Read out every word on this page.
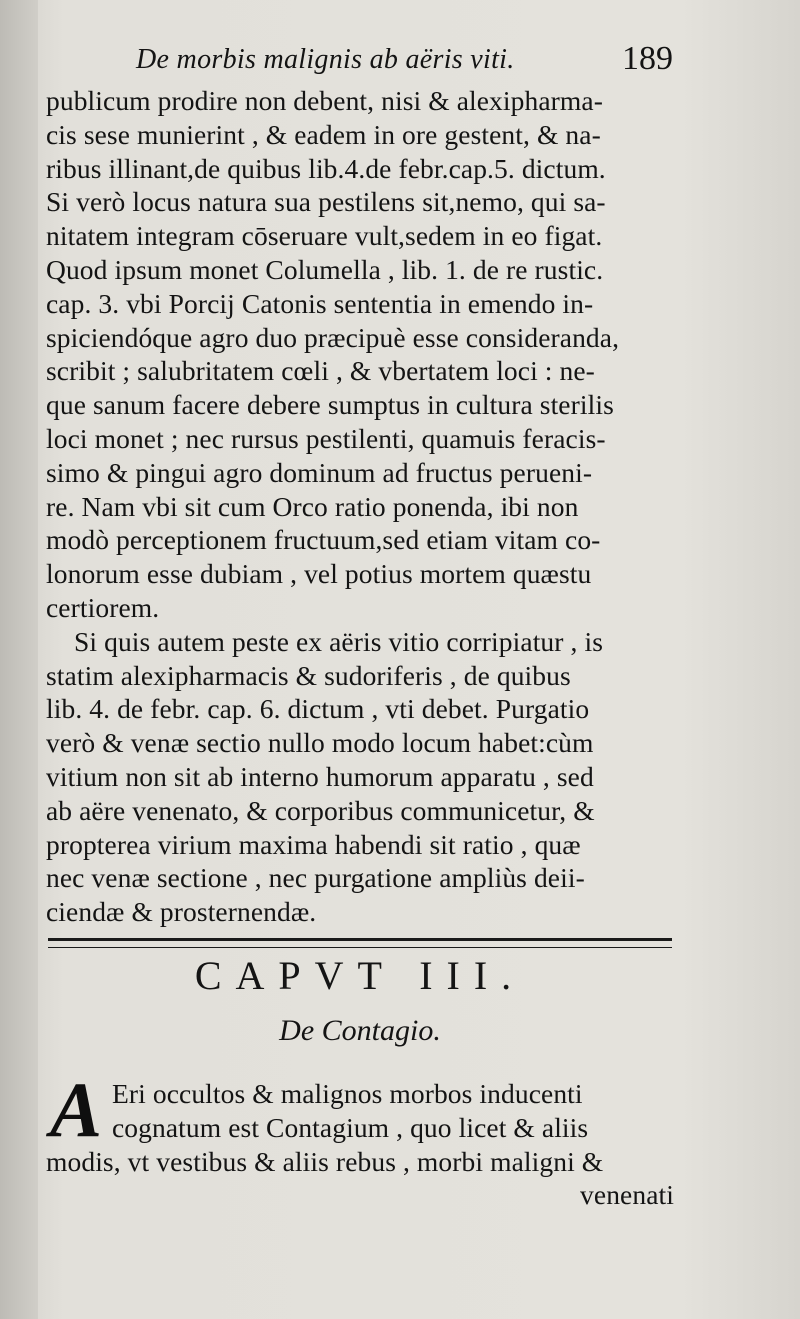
De morbis malignis ab aëris viti.	189
publicum prodire non debent, nisi & alexipharma-
cis sese munierint , & eadem in ore gestent, & na-
ribus illinant,de quibus lib.4.de febr.cap.5. dictum.
Si verò locus natura sua pestilens sit,nemo, qui sa-
nitatem integram cōseruare vult,sedem in eo figat.
Quod ipsum monet Columella , lib. 1. de re rustic.
cap. 3. vbi Porcij Catonis sententia in emendo in-
spiciendóque agro duo præcipuè esse consideranda,
scribit ; salubritatem cœli , & vbertatem loci : ne-
que sanum facere debere sumptus in cultura sterilis
loci monet ; nec rursus pestilenti, quamuis feracis-
simo & pingui agro dominum ad fructus perueni-
re. Nam vbi sit cum Orco ratio ponenda, ibi non
modò perceptionem fructuum,sed etiam vitam co-
lonorum esse dubiam , vel potius mortem quæstu
certiorem.
Si quis autem peste ex aëris vitio corripiatur , is
statim alexipharmacis & sudoriferis , de quibus
lib. 4. de febr. cap. 6. dictum , vti debet. Purgatio
verò & venæ sectio nullo modo locum habet:cùm
vitium non sit ab interno humorum apparatu , sed
ab aëre venenato, & corporibus communicetur, &
propterea virium maxima habendi sit ratio , quæ
nec venæ sectione , nec purgatione ampliùs deii-
ciendæ & prosternendæ.
CAPVT III.
De Contagio.
A Eri occultos & malignos morbos inducenti
cognatum est Contagium , quo licet & aliis
modis, vt vestibus & aliis rebus , morbi maligni &
venenati
